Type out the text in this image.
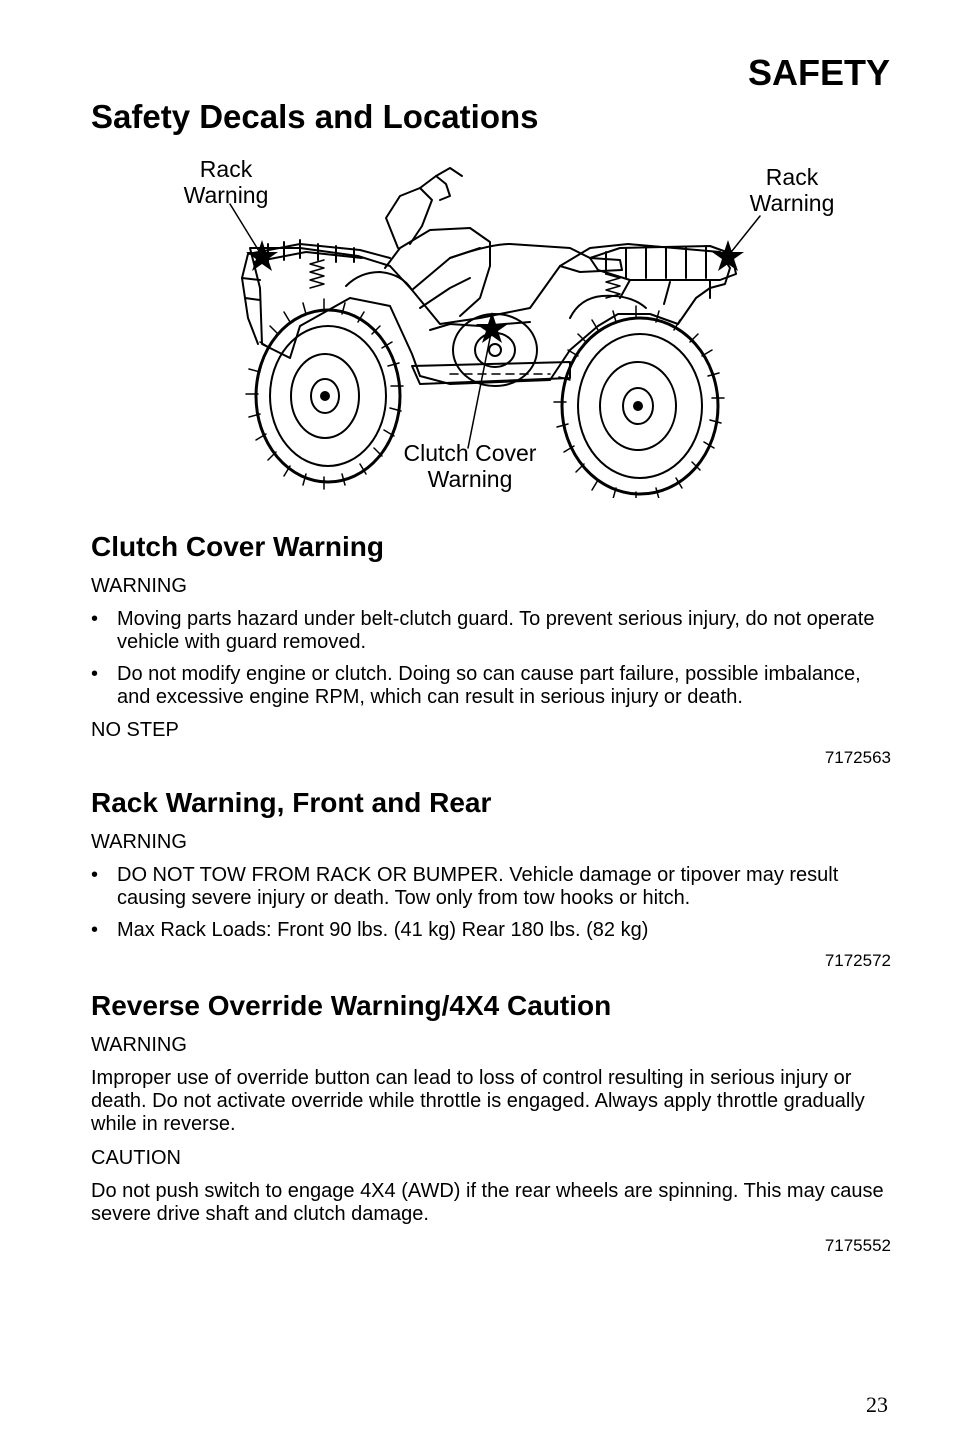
SAFETY
Safety Decals and Locations
Rack
Warning
Rack
Warning
Clutch Cover
Warning
Clutch Cover Warning

WARNING

• Moving parts hazard under belt-clutch guard. To prevent serious injury, do not operate vehicle with guard removed.
• Do not modify engine or clutch. Doing so can cause part failure, possible imbalance, and excessive engine RPM, which can result in serious injury or death.

NO STEP

7172563

Rack Warning, Front and Rear

WARNING

• DO NOT TOW FROM RACK OR BUMPER. Vehicle damage or tipover may result causing severe injury or death. Tow only from tow hooks or hitch.
• Max Rack Loads: Front 90 lbs. (41 kg) Rear 180 lbs. (82 kg)

7172572

Reverse Override Warning/4X4 Caution

WARNING

Improper use of override button can lead to loss of control resulting in serious injury or death. Do not activate override while throttle is engaged. Always apply throttle gradually while in reverse.

CAUTION

Do not push switch to engage 4X4 (AWD) if the rear wheels are spinning. This may cause severe drive shaft and clutch damage.

7175552

23
